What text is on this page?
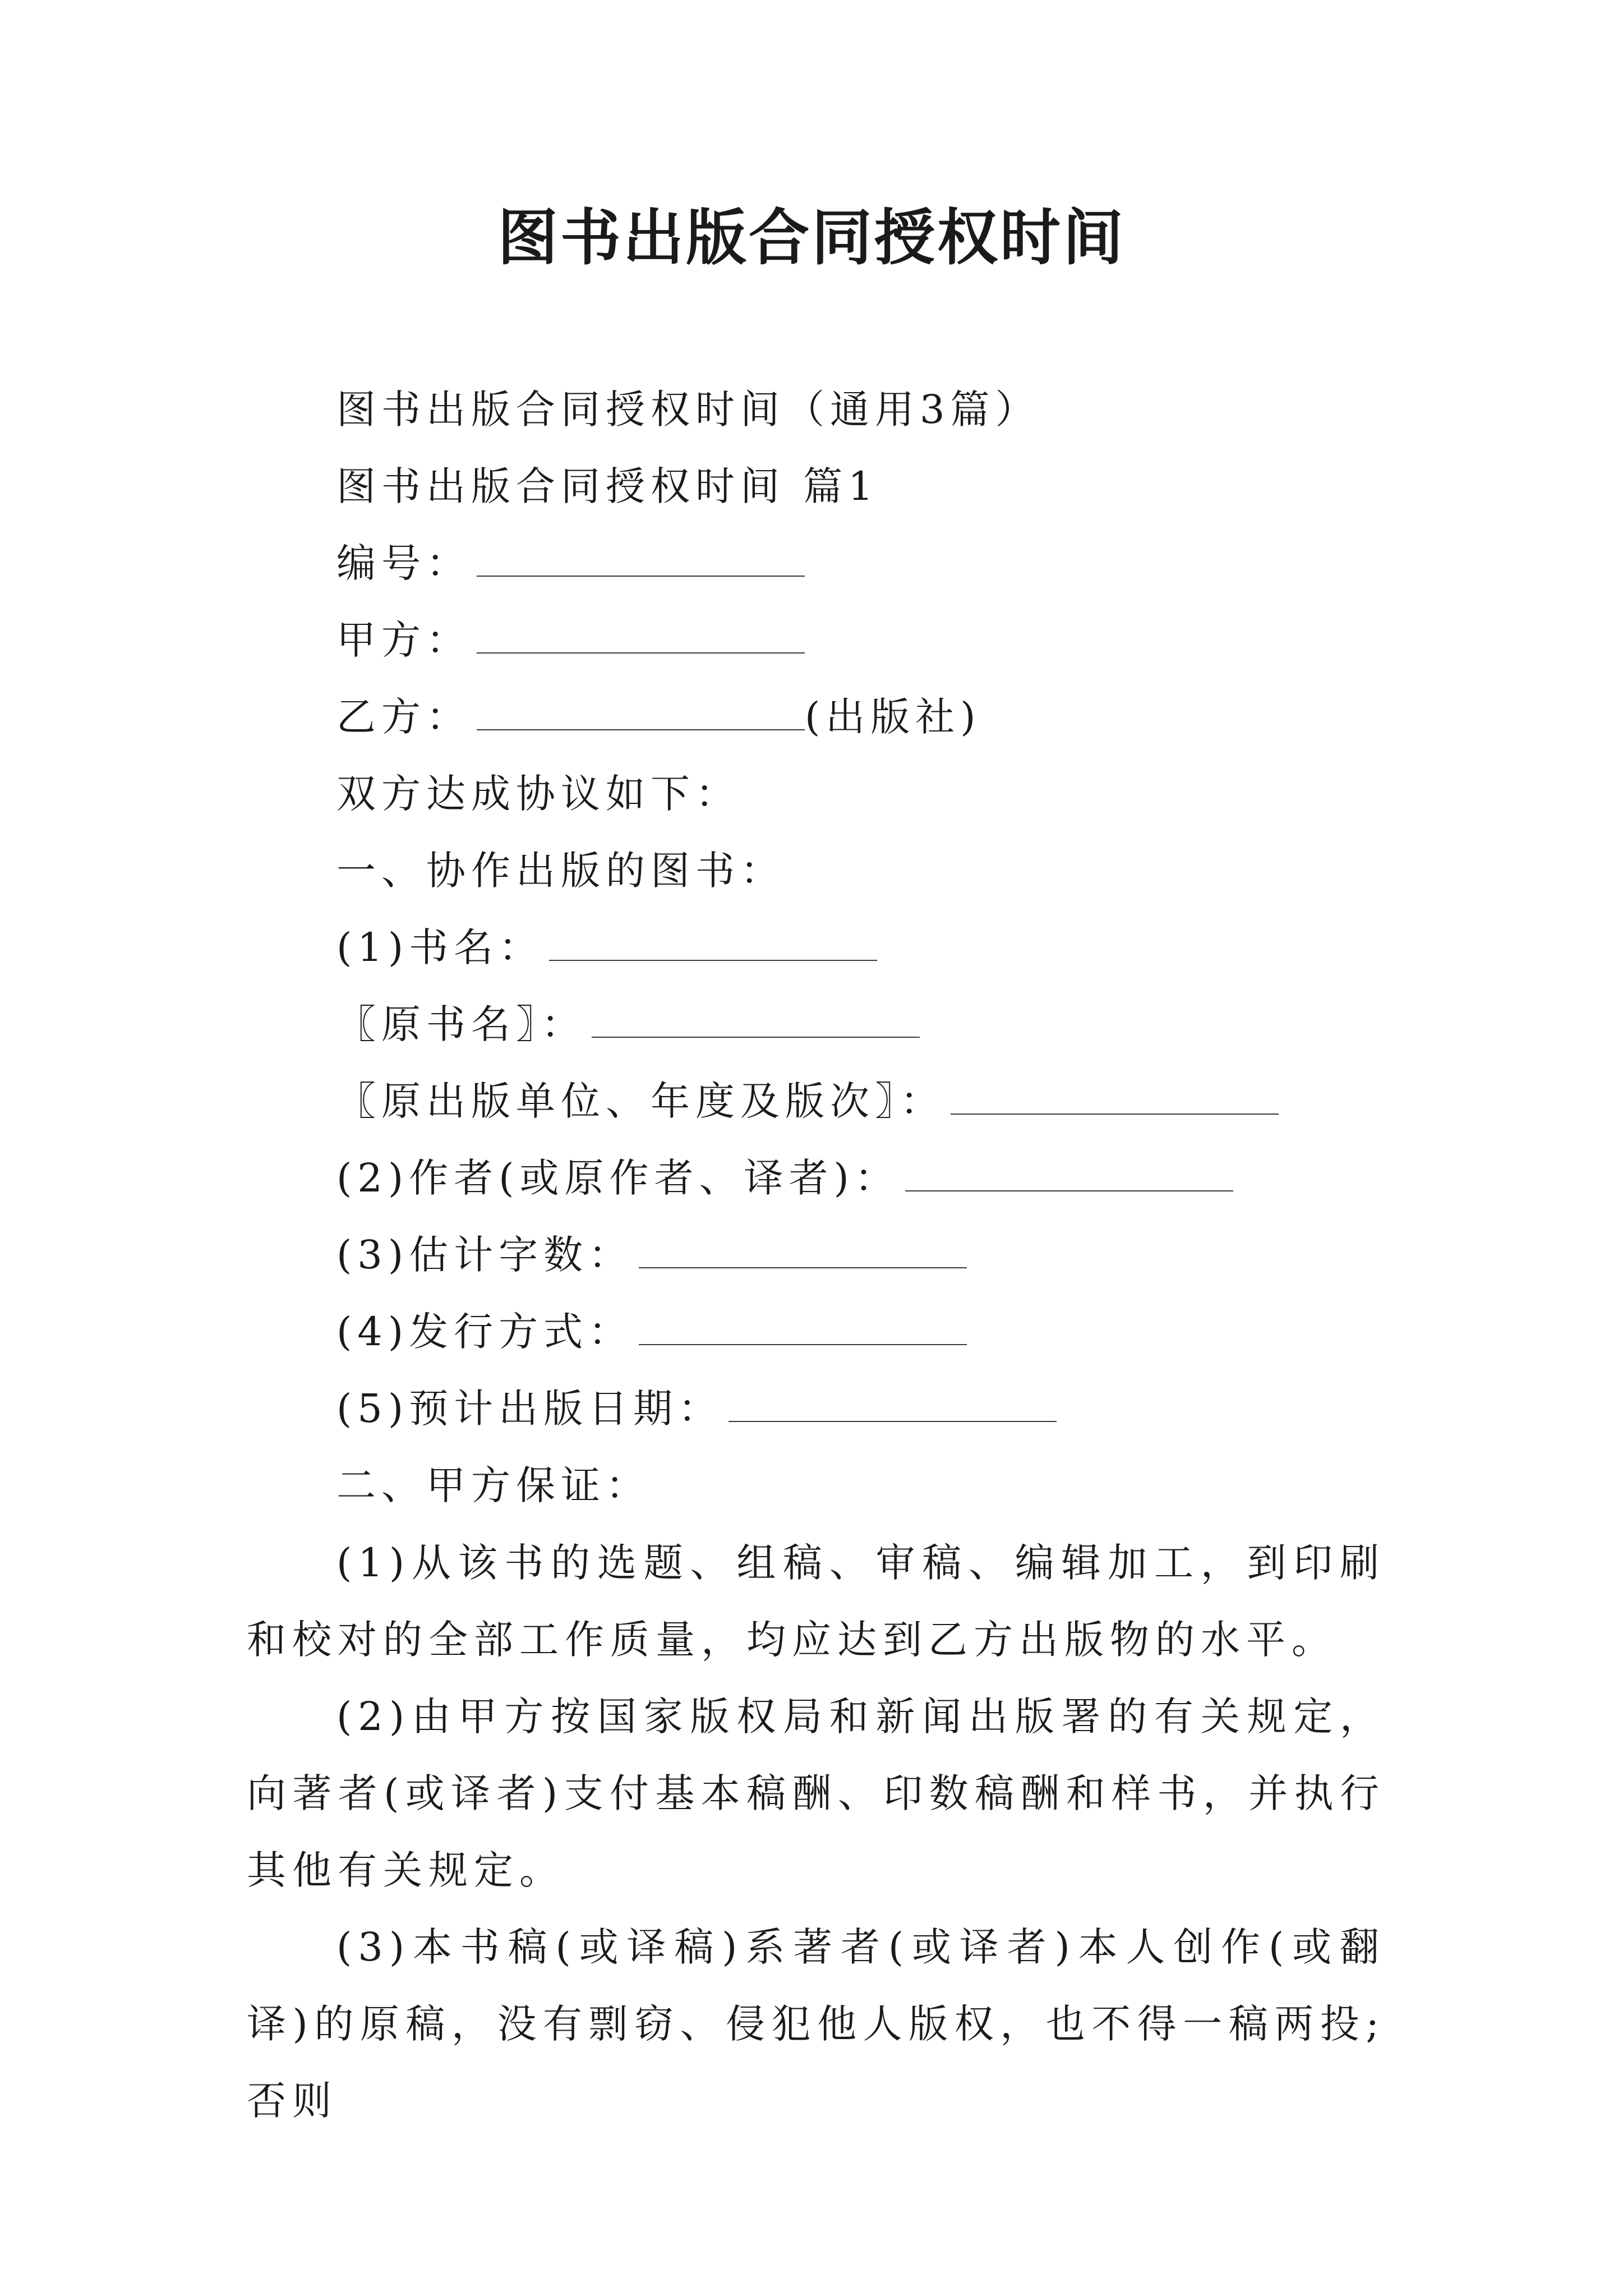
图书出版合同授权时间
图书出版合同授权时间（通用3篇）
图书出版合同授权时间 篇1
编号：
甲方：
乙方：	(出版社)
双方达成协议如下：
一、协作出版的图书：
(1)书名：
〖原书名〗：
〖原出版单位、年度及版次〗：
(2)作者(或原作者、译者)：
(3)估计字数：
(4)发行方式：
(5)预计出版日期：
二、甲方保证：
(1)从该书的选题、组稿、审稿、编辑加工，到印刷和校对的全部工作质量，均应达到乙方出版物的水平。
(2)由甲方按国家版权局和新闻出版署的有关规定，向著者(或译者)支付基本稿酬、印数稿酬和样书，并执行其他有关规定。
(3)本书稿(或译稿)系著者(或译者)本人创作(或翻译)的原稿，没有剽窃、侵犯他人版权，也不得一稿两投;否则
